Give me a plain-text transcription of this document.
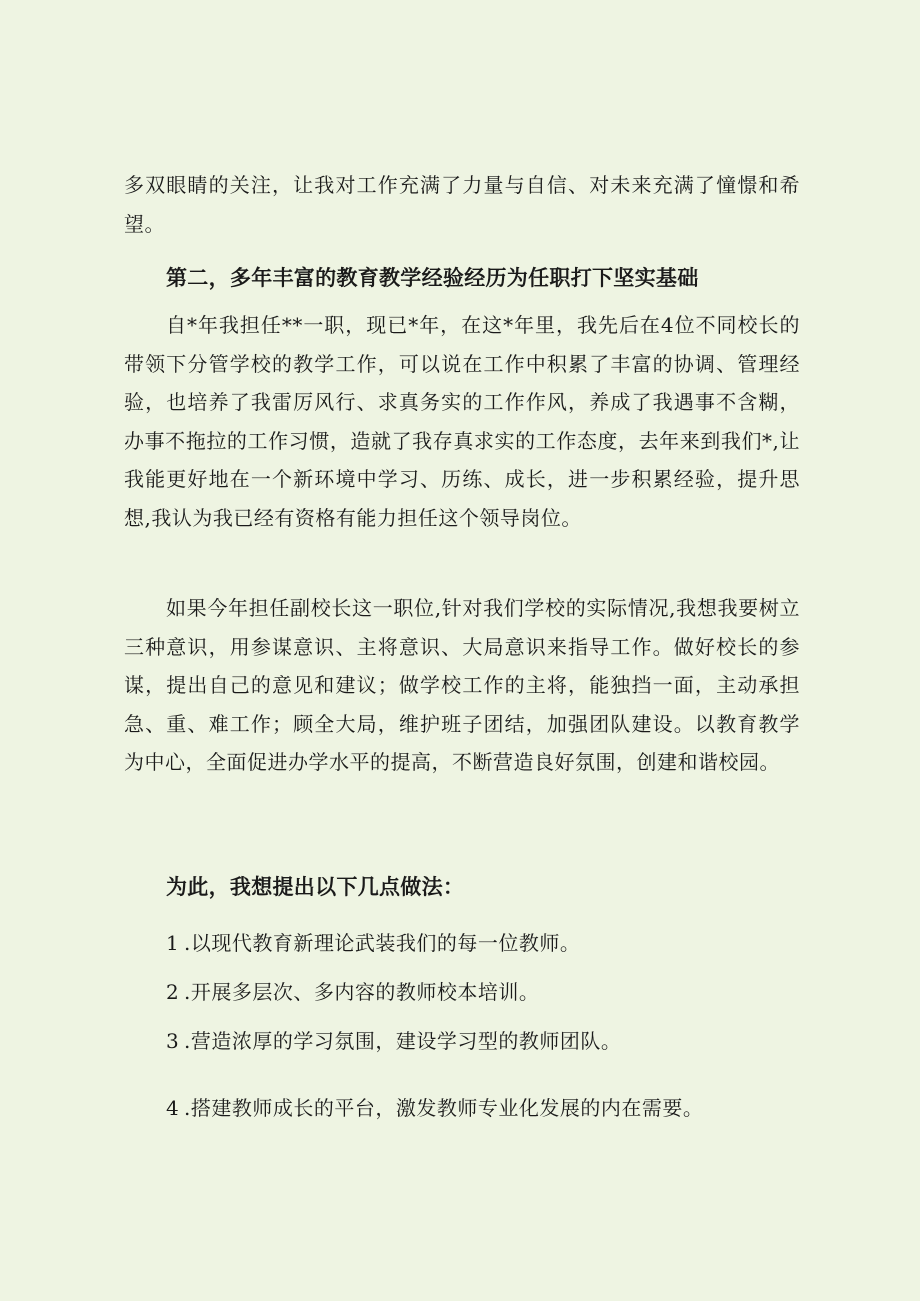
多双眼睛的关注，让我对工作充满了力量与自信、对未来充满了憧憬和希望。

第二，多年丰富的教育教学经验经历为任职打下坚实基础

自*年我担任**一职，现已*年，在这*年里，我先后在4位不同校长的带领下分管学校的教学工作，可以说在工作中积累了丰富的协调、管理经验，也培养了我雷厉风行、求真务实的工作作风，养成了我遇事不含糊，办事不拖拉的工作习惯，造就了我存真求实的工作态度，去年来到我们*,让我能更好地在一个新环境中学习、历练、成长，进一步积累经验，提升思想,我认为我已经有资格有能力担任这个领导岗位。

如果今年担任副校长这一职位,针对我们学校的实际情况,我想我要树立三种意识，用参谋意识、主将意识、大局意识来指导工作。做好校长的参谋，提出自己的意见和建议；做学校工作的主将，能独挡一面，主动承担急、重、难工作；顾全大局，维护班子团结，加强团队建设。以教育教学为中心，全面促进办学水平的提高，不断营造良好氛围，创建和谐校园。

为此，我想提出以下几点做法：

1 .以现代教育新理论武装我们的每一位教师。

2 .开展多层次、多内容的教师校本培训。

3 .营造浓厚的学习氛围，建设学习型的教师团队。

4 .搭建教师成长的平台，激发教师专业化发展的内在需要。
